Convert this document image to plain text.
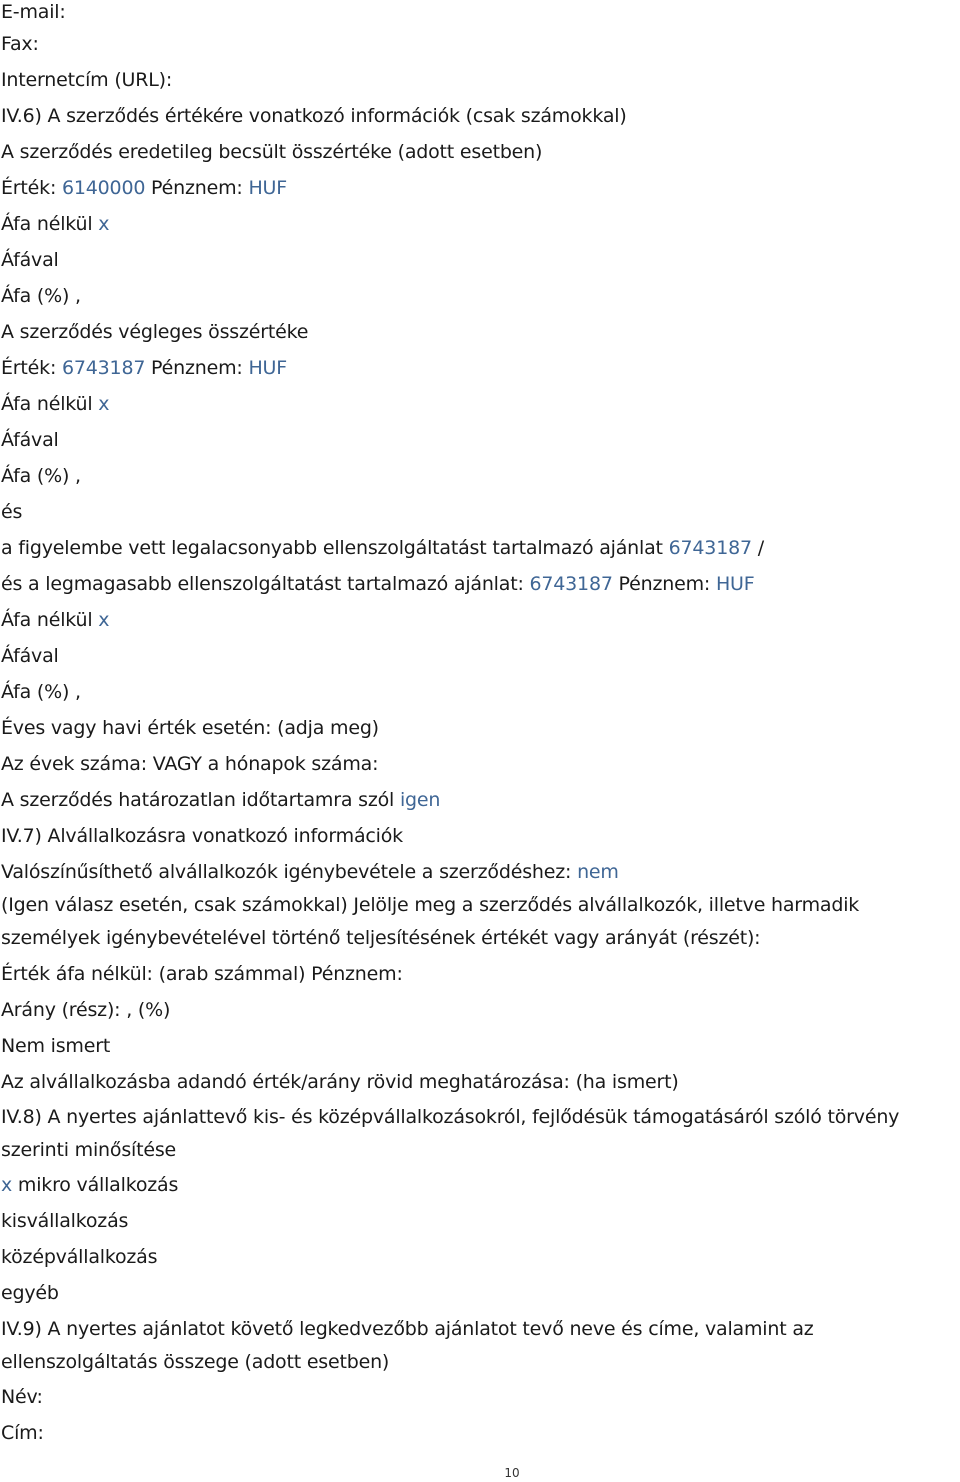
E-mail:
Fax:
Internetcím (URL):
IV.6) A szerződés értékére vonatkozó információk (csak számokkal)
A szerződés eredetileg becsült összértéke (adott esetben)
Érték: 6140000 Pénznem: HUF
Áfa nélkül x
Áfával
Áfa (%) ,
A szerződés végleges összértéke
Érték: 6743187 Pénznem: HUF
Áfa nélkül x
Áfával
Áfa (%) ,
és
a figyelembe vett legalacsonyabb ellenszolgáltatást tartalmazó ajánlat 6743187 /
és a legmagasabb ellenszolgáltatást tartalmazó ajánlat: 6743187 Pénznem: HUF
Áfa nélkül x
Áfával
Áfa (%) ,
Éves vagy havi érték esetén: (adja meg)
Az évek száma: VAGY a hónapok száma:
A szerződés határozatlan időtartamra szól igen
IV.7) Alvállalkozásra vonatkozó információk
Valószínűsíthető alvállalkozók igénybevétele a szerződéshez: nem
(Igen válasz esetén, csak számokkal) Jelölje meg a szerződés alvállalkozók, illetve harmadik
személyek igénybevételével történő teljesítésének értékét vagy arányát (részét):
Érték áfa nélkül: (arab számmal) Pénznem:
Arány (rész): , (%)
Nem ismert
Az alvállalkozásba adandó érték/arány rövid meghatározása: (ha ismert)
IV.8) A nyertes ajánlattevő kis- és középvállalkozásokról, fejlődésük támogatásáról szóló törvény
szerinti minősítése
x mikro vállalkozás
kisvállalkozás
középvállalkozás
egyéb
IV.9) A nyertes ajánlatot követő legkedvezőbb ajánlatot tevő neve és címe, valamint az
ellenszolgáltatás összege (adott esetben)
Név:
Cím:
10
